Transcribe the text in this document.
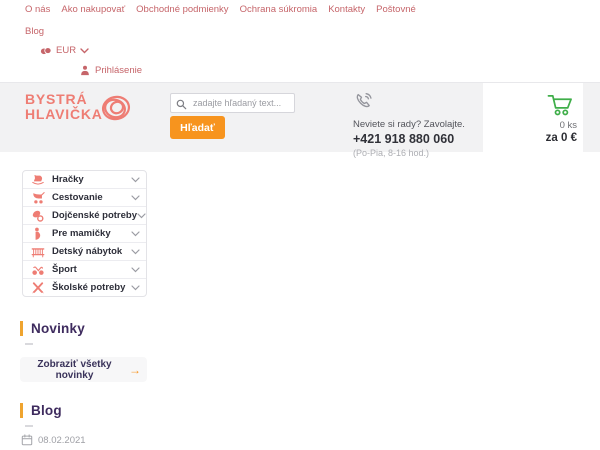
O nás Ako nakupovať Obchodné podmienky Ochrana súkromia Kontakty Poštovné
Blog
EUR
Prihlásenie
BYSTRÁ
HLAVIČKA
zadajte hľadaný text...
Hľadať	Neviete si rady? Zavolajte.
+421 918 880 060
(Po-Pia, 8-16 hod.)
0 ks
za 0 €
Hračky
Cestovanie
Dojčenské potreby
Pre mamičky
Detský nábytok
Šport
Školské potreby
Novinky
Zobraziť všetky novinky	→
Blog
08.02.2021
